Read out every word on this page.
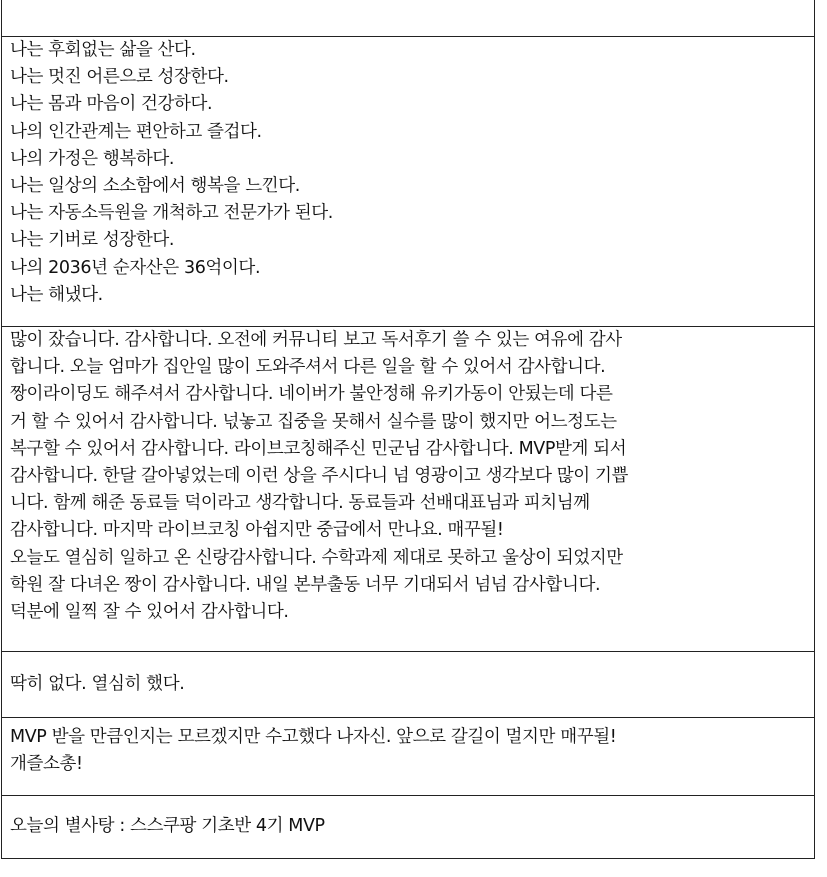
나는 후회없는 삶을 산다.
나는 멋진 어른으로 성장한다.
나는 몸과 마음이 건강하다.
나의 인간관계는 편안하고 즐겁다.
나의 가정은 행복하다.
나는 일상의 소소함에서 행복을 느낀다.
나는 자동소득원을 개척하고 전문가가 된다.
나는 기버로 성장한다.
나의 2036년 순자산은 36억이다.
나는 해냈다.
많이 잤습니다. 감사합니다. 오전에 커뮤니티 보고 독서후기 쓸 수 있는 여유에 감사
합니다. 오늘 엄마가 집안일 많이 도와주셔서 다른 일을 할 수 있어서 감사합니다.
짱이라이딩도 해주셔서 감사합니다. 네이버가 불안정해 유키가동이 안됬는데 다른
거 할 수 있어서 감사합니다. 넋놓고 집중을 못해서 실수를 많이 했지만 어느정도는
복구할 수 있어서 감사합니다. 라이브코칭해주신 민군님 감사합니다. MVP받게 되서
감사합니다. 한달 갈아넣었는데 이런 상을 주시다니 넘 영광이고 생각보다 많이 기쁩
니다. 함께 해준 동료들 덕이라고 생각합니다. 동료들과 선배대표님과 피치님께
감사합니다. 마지막 라이브코칭 아쉽지만 중급에서 만나요. 매꾸될!
오늘도 열심히 일하고 온 신랑감사합니다. 수학과제 제대로 못하고 울상이 되었지만
학원 잘 다녀온 짱이 감사합니다. 내일 본부출동 너무 기대되서 넘넘 감사합니다.
덕분에 일찍 잘 수 있어서 감사합니다.
딱히 없다. 열심히 했다.
MVP 받을 만큼인지는 모르겠지만 수고했다 나자신. 앞으로 갈길이 멀지만 매꾸될!
개즐소총!
오늘의 별사탕 : 스스쿠팡 기초반 4기 MVP
